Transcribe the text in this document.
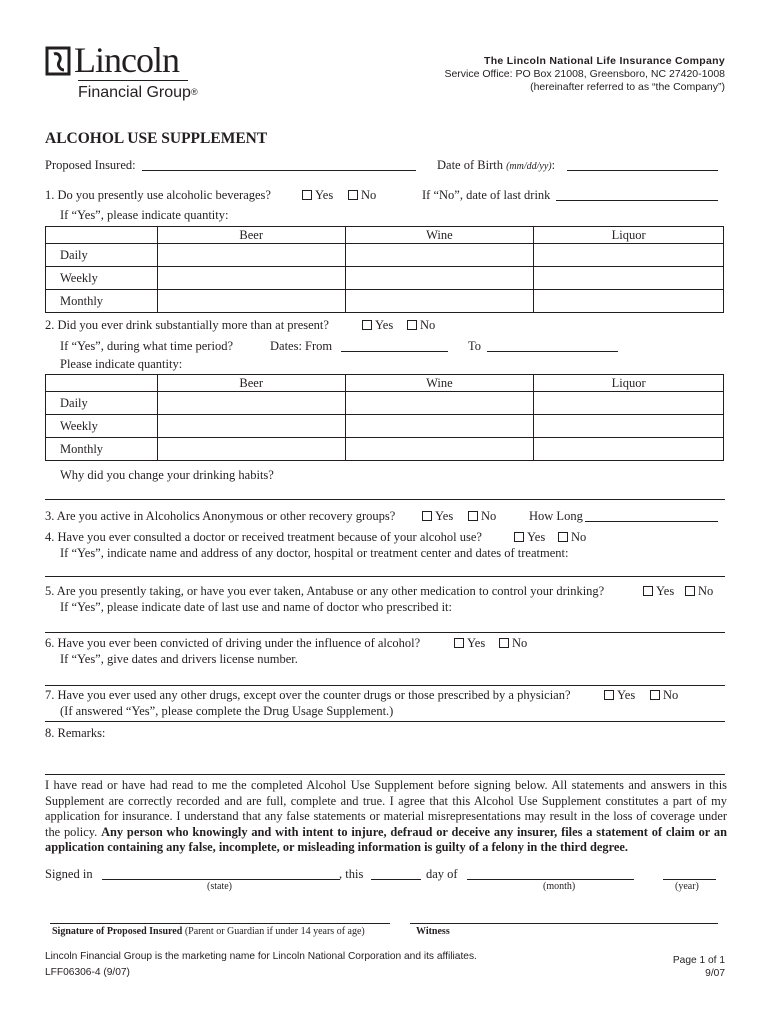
Lincoln
Financial Group®
The Lincoln National Life Insurance Company
Service Office: PO Box 21008, Greensboro, NC 27420-1008
(hereinafter referred to as “the Company”)
ALCOHOL USE SUPPLEMENT
Proposed Insured:	Date of Birth (mm/dd/yy):
1. Do you presently use alcoholic beverages?	Yes	No	If “No”, date of last drink
If “Yes”, please indicate quantity:
	Beer	Wine	Liquor
Daily			
Weekly			
Monthly			
2. Did you ever drink substantially more than at present?	Yes	No
If “Yes”, during what time period?	Dates: From	To
Please indicate quantity:
	Beer	Wine	Liquor
Daily			
Weekly			
Monthly			
Why did you change your drinking habits?
3. Are you active in Alcoholics Anonymous or other recovery groups?	Yes	No	How Long
4. Have you ever consulted a doctor or received treatment because of your alcohol use?	Yes	No
If “Yes”, indicate name and address of any doctor, hospital or treatment center and dates of treatment:
5. Are you presently taking, or have you ever taken, Antabuse or any other medication to control your drinking?	Yes	No
If “Yes”, please indicate date of last use and name of doctor who prescribed it:
6. Have you ever been convicted of driving under the influence of alcohol?	Yes	No
If “Yes”, give dates and drivers license number.
7. Have you ever used any other drugs, except over the counter drugs or those prescribed by a physician?	Yes	No
(If answered “Yes”, please complete the Drug Usage Supplement.)
8. Remarks:
I have read or have had read to me the completed Alcohol Use Supplement before signing below. All statements and answers in this Supplement are correctly recorded and are full, complete and true. I agree that this Alcohol Use Supplement constitutes a part of my application for insurance. I understand that any false statements or material misrepresentations may result in the loss of coverage under the policy. Any person who knowingly and with intent to injure, defraud or deceive any insurer, files a statement of claim or an application containing any false, incomplete, or misleading information is guilty of a felony in the third degree.
Signed in	, this	day of
(state)	(month)	(year)
Signature of Proposed Insured (Parent or Guardian if under 14 years of age)	Witness
Lincoln Financial Group is the marketing name for Lincoln National Corporation and its affiliates.
LFF06306-4 (9/07)
Page 1 of 1
9/07
